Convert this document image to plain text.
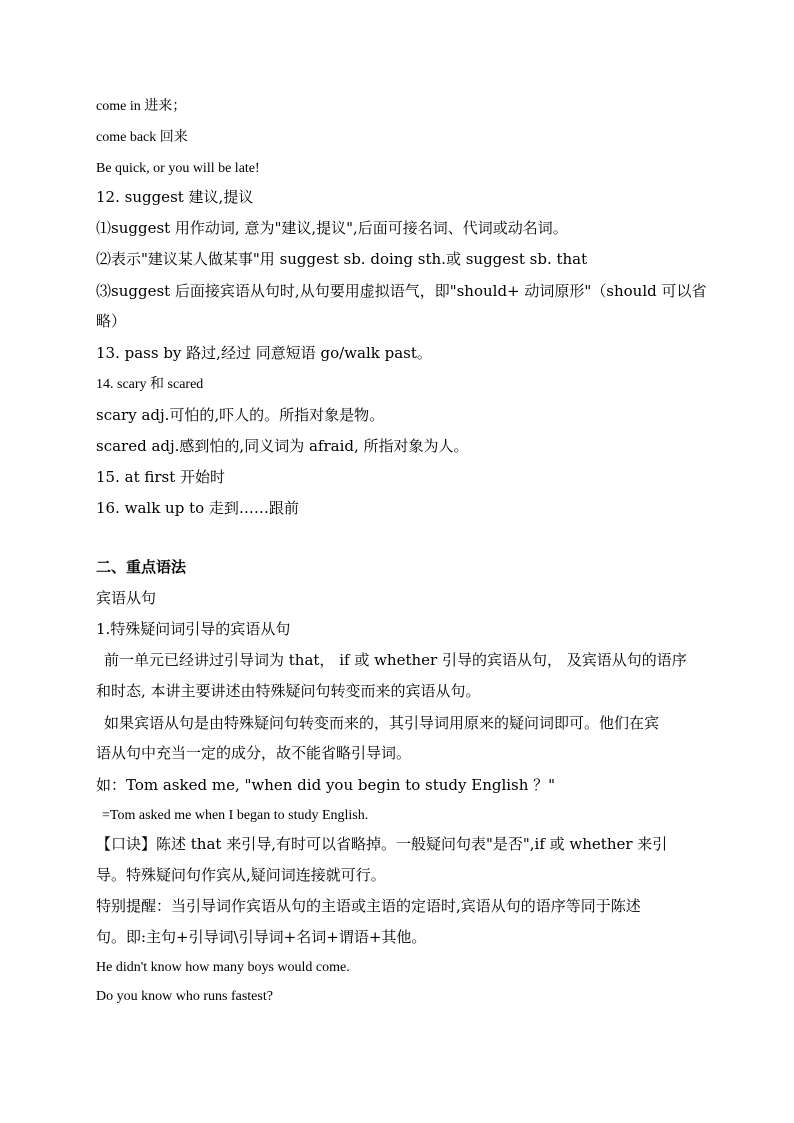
come in 进来；
come back 回来
Be quick, or you will be late!
12. suggest 建议,提议
⑴suggest 用作动词, 意为"建议,提议",后面可接名词、代词或动名词。
⑵表示"建议某人做某事"用 suggest sb. doing sth.或 suggest sb. that
⑶suggest 后面接宾语从句时,从句要用虚拟语气，即"should+ 动词原形"（should 可以省
略）
13. pass by 路过,经过 同意短语 go/walk past。
14. scary 和 scared
scary adj.可怕的,吓人的。所指对象是物。
scared adj.感到怕的,同义词为 afraid, 所指对象为人。
15. at first 开始时
16. walk up to 走到……跟前
二、重点语法
宾语从句
1.特殊疑问词引导的宾语从句
前一单元已经讲过引导词为 that， if 或 whether 引导的宾语从句， 及宾语从句的语序
和时态, 本讲主要讲述由特殊疑问句转变而来的宾语从句。
如果宾语从句是由特殊疑问句转变而来的，其引导词用原来的疑问词即可。他们在宾
语从句中充当一定的成分，故不能省略引导词。
如：Tom asked me, "when did you begin to study English ？"
=Tom asked me when I began to study English.
【口诀】陈述 that 来引导,有时可以省略掉。一般疑问句表"是否",if 或 whether 来引
导。特殊疑问句作宾从,疑问词连接就可行。
特别提醒：当引导词作宾语从句的主语或主语的定语时,宾语从句的语序等同于陈述
句。即:主句+引导词\引导词+名词+谓语+其他。
He didn't know how many boys would come.
Do you know who runs fastest?
